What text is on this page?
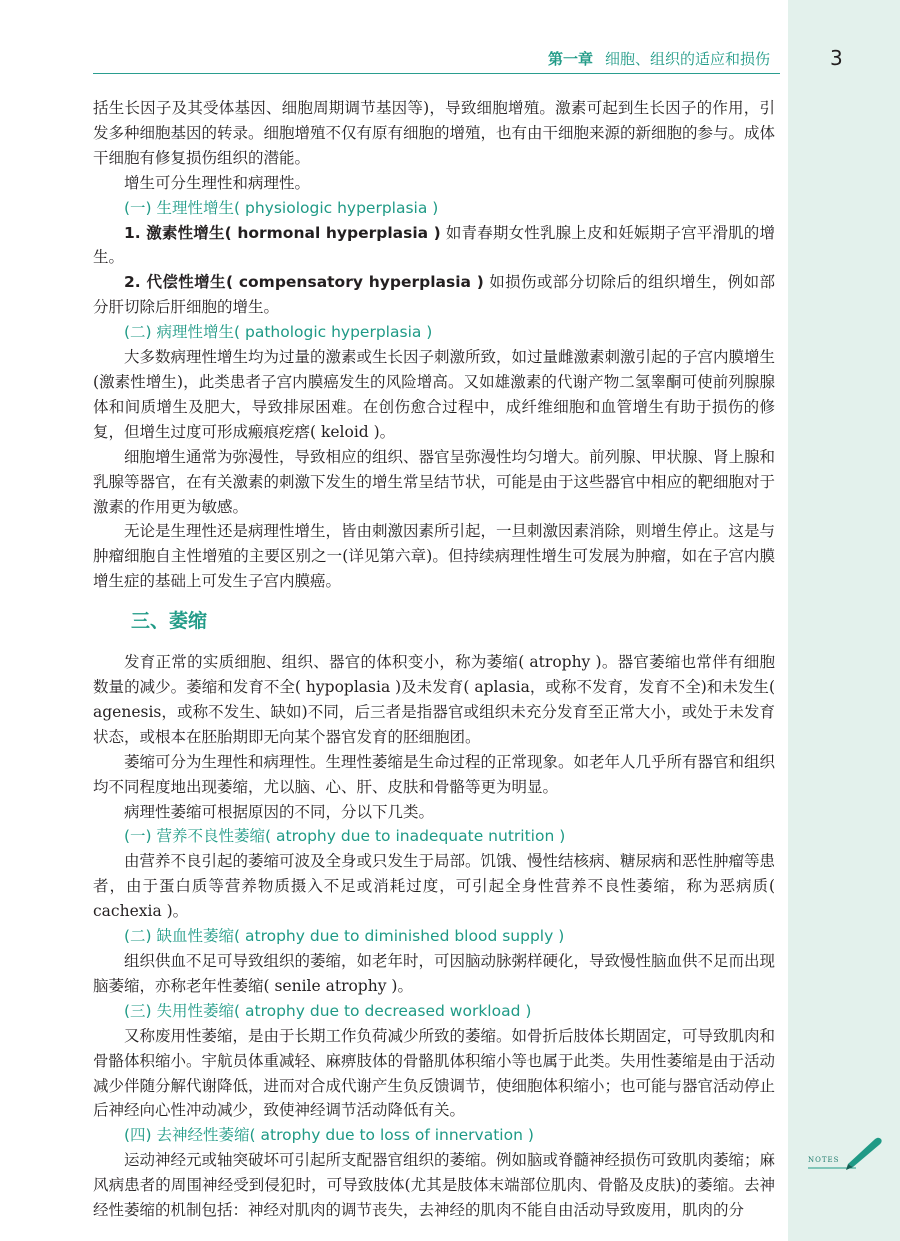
第一章 细胞、组织的适应和损伤	3

括生长因子及其受体基因、细胞周期调节基因等)，导致细胞增殖。激素可起到生长因子的作用，引发多种细胞基因的转录。细胞增殖不仅有原有细胞的增殖，也有由干细胞来源的新细胞的参与。成体干细胞有修复损伤组织的潜能。

增生可分生理性和病理性。

(一) 生理性增生( physiologic hyperplasia )

1. 激素性增生( hormonal hyperplasia ) 如青春期女性乳腺上皮和妊娠期子宫平滑肌的增生。

2. 代偿性增生( compensatory hyperplasia ) 如损伤或部分切除后的组织增生，例如部分肝切除后肝细胞的增生。

(二) 病理性增生( pathologic hyperplasia )

大多数病理性增生均为过量的激素或生长因子刺激所致，如过量雌激素刺激引起的子宫内膜增生(激素性增生)，此类患者子宫内膜癌发生的风险增高。又如雄激素的代谢产物二氢睾酮可使前列腺腺体和间质增生及肥大，导致排尿困难。在创伤愈合过程中，成纤维细胞和血管增生有助于损伤的修复，但增生过度可形成瘢痕疙瘩( keloid )。

细胞增生通常为弥漫性，导致相应的组织、器官呈弥漫性均匀增大。前列腺、甲状腺、肾上腺和乳腺等器官，在有关激素的刺激下发生的增生常呈结节状，可能是由于这些器官中相应的靶细胞对于激素的作用更为敏感。

无论是生理性还是病理性增生，皆由刺激因素所引起，一旦刺激因素消除，则增生停止。这是与肿瘤细胞自主性增殖的主要区别之一(详见第六章)。但持续病理性增生可发展为肿瘤，如在子宫内膜增生症的基础上可发生子宫内膜癌。

三、萎缩

发育正常的实质细胞、组织、器官的体积变小，称为萎缩( atrophy )。器官萎缩也常伴有细胞数量的减少。萎缩和发育不全( hypoplasia )及未发育( aplasia，或称不发育，发育不全)和未发生( agenesis，或称不发生、缺如)不同，后三者是指器官或组织未充分发育至正常大小，或处于未发育状态，或根本在胚胎期即无向某个器官发育的胚细胞团。

萎缩可分为生理性和病理性。生理性萎缩是生命过程的正常现象。如老年人几乎所有器官和组织均不同程度地出现萎缩，尤以脑、心、肝、皮肤和骨骼等更为明显。

病理性萎缩可根据原因的不同，分以下几类。

(一) 营养不良性萎缩( atrophy due to inadequate nutrition )

由营养不良引起的萎缩可波及全身或只发生于局部。饥饿、慢性结核病、糖尿病和恶性肿瘤等患者，由于蛋白质等营养物质摄入不足或消耗过度，可引起全身性营养不良性萎缩，称为恶病质( cachexia )。

(二) 缺血性萎缩( atrophy due to diminished blood supply )

组织供血不足可导致组织的萎缩，如老年时，可因脑动脉粥样硬化，导致慢性脑血供不足而出现脑萎缩，亦称老年性萎缩( senile atrophy )。

(三) 失用性萎缩( atrophy due to decreased workload )

又称废用性萎缩，是由于长期工作负荷减少所致的萎缩。如骨折后肢体长期固定，可导致肌肉和骨骼体积缩小。宇航员体重减轻、麻痹肢体的骨骼肌体积缩小等也属于此类。失用性萎缩是由于活动减少伴随分解代谢降低，进而对合成代谢产生负反馈调节，使细胞体积缩小；也可能与器官活动停止后神经向心性冲动减少，致使神经调节活动降低有关。

(四) 去神经性萎缩( atrophy due to loss of innervation )

运动神经元或轴突破坏可引起所支配器官组织的萎缩。例如脑或脊髓神经损伤可致肌肉萎缩；麻风病患者的周围神经受到侵犯时，可导致肢体(尤其是肢体末端部位肌肉、骨骼及皮肤)的萎缩。去神经性萎缩的机制包括：神经对肌肉的调节丧失，去神经的肌肉不能自由活动导致废用，肌肉的分

NOTES
